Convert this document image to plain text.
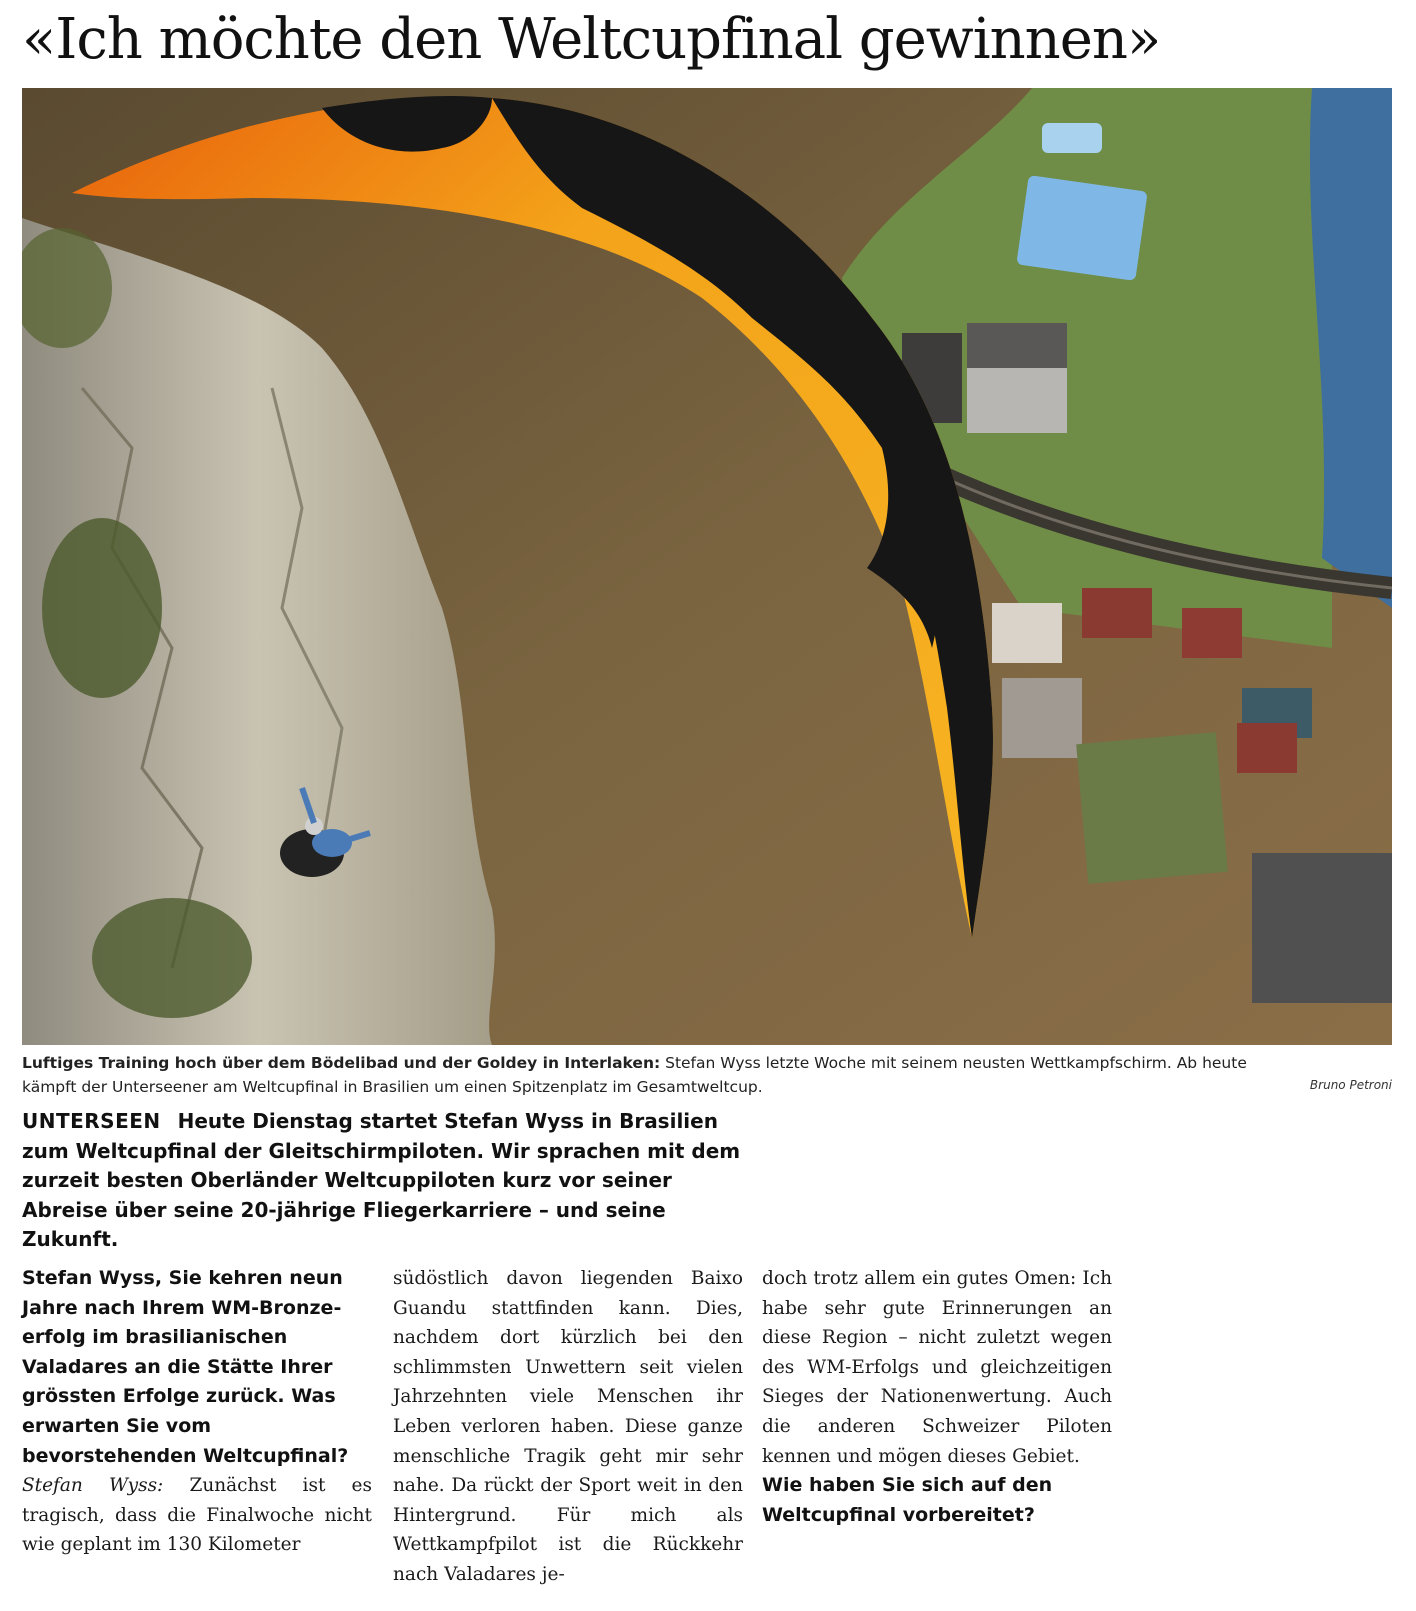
«Ich möchte den Weltcupfinal gewinnen»
Luftiges Training hoch über dem Bödelibad und der Goldey in Interlaken: Stefan Wyss letzte Woche mit seinem neusten Wettkampfschirm. Ab heute kämpft der Unterseener am Weltcupfinal in Brasilien um einen Spitzenplatz im Gesamtweltcup.	Bruno Petroni
UNTERSEEN Heute Dienstag startet Stefan Wyss in Brasilien zum Weltcupfinal der Gleitschirmpiloten. Wir sprachen mit dem zurzeit besten Oberländer Weltcuppiloten kurz vor seiner Abreise über seine 20-jährige Fliegerkarriere – und seine Zukunft.

Stefan Wyss, Sie kehren neun Jahre nach Ihrem WM-Bronzeerfolg im brasilianischen Valadares an die Stätte Ihrer grössten Erfolge zurück. Was erwarten Sie vom bevorstehenden Weltcupfinal?

Stefan Wyss: Zunächst ist es tragisch, dass die Finalwoche nicht wie geplant im 130 Kilometer

südöstlich davon liegenden Baixo Guandu stattfinden kann. Dies, nachdem dort kürzlich bei den schlimmsten Unwettern seit vielen Jahrzehnten viele Menschen ihr Leben verloren haben. Diese ganze menschliche Tragik geht mir sehr nahe. Da rückt der Sport weit in den Hintergrund. Für mich als Wettkampfpilot ist die Rückkehr nach Valadares je-

doch trotz allem ein gutes Omen: Ich habe sehr gute Erinnerungen an diese Region – nicht zuletzt wegen des WM-Erfolgs und gleichzeitigen Sieges der Nationenwertung. Auch die anderen Schweizer Piloten kennen und mögen dieses Gebiet.

Wie haben Sie sich auf den Weltcupfinal vorbereitet?
